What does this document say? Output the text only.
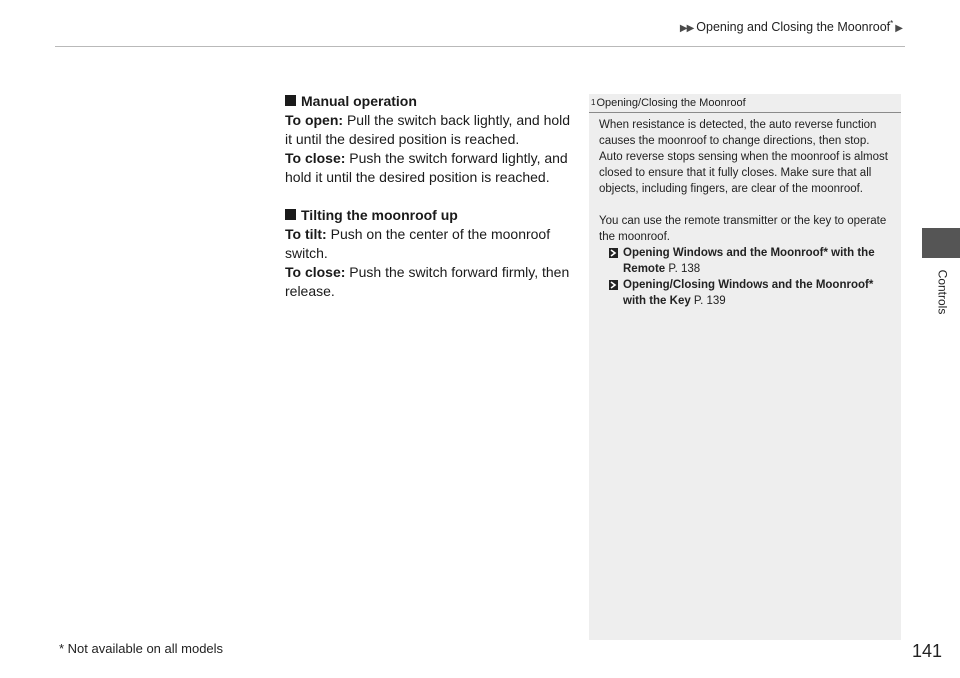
▶▶ Opening and Closing the Moonroof* ▶
Controls

Manual operation

To open: Pull the switch back lightly, and hold it until the desired position is reached.

To close: Push the switch forward lightly, and hold it until the desired position is reached.

Tilting the moonroof up

To tilt: Push on the center of the moonroof switch.

To close: Push the switch forward firmly, then release.

1Opening/Closing the Moonroof

When resistance is detected, the auto reverse function causes the moonroof to change directions, then stop. Auto reverse stops sensing when the moonroof is almost closed to ensure that it fully closes. Make sure that all objects, including fingers, are clear of the moonroof.

You can use the remote transmitter or the key to operate the moonroof.

Opening Windows and the Moonroof* with the Remote P. 138

Opening/Closing Windows and the Moonroof* with the Key P. 139

* Not available on all models	141
